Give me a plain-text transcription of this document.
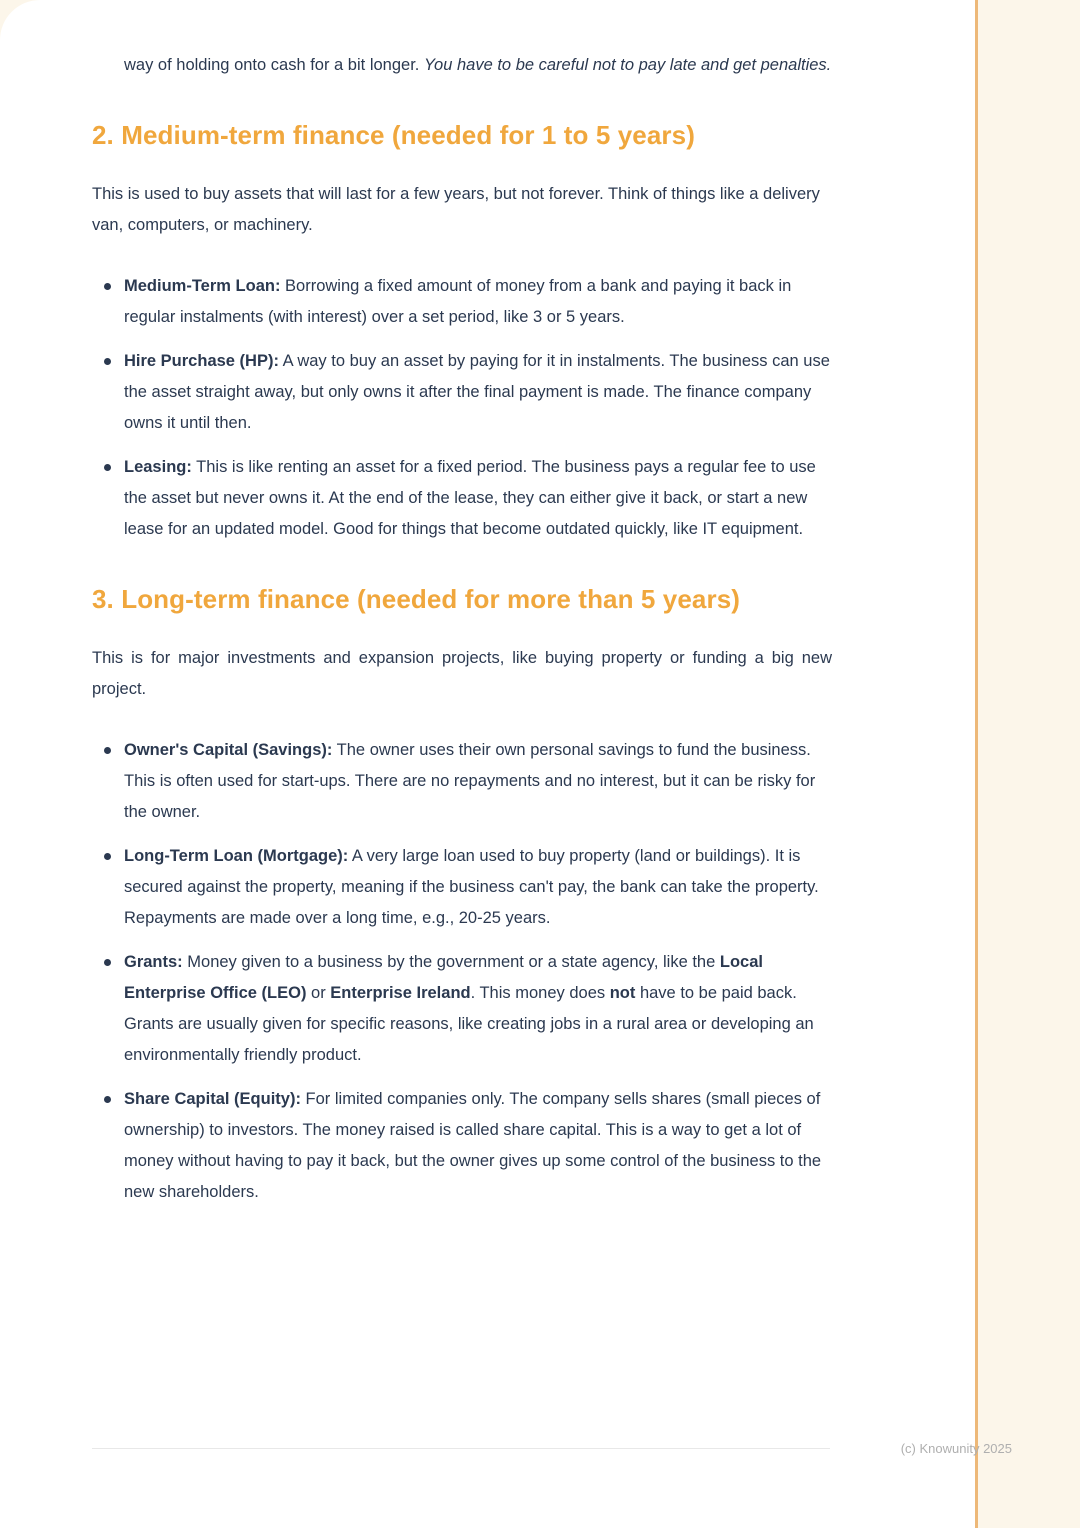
way of holding onto cash for a bit longer. You have to be careful not to pay late and get penalties.

2. Medium-term finance (needed for 1 to 5 years)

This is used to buy assets that will last for a few years, but not forever. Think of things like a delivery van, computers, or machinery.

Medium-Term Loan: Borrowing a fixed amount of money from a bank and paying it back in regular instalments (with interest) over a set period, like 3 or 5 years.
Hire Purchase (HP): A way to buy an asset by paying for it in instalments. The business can use the asset straight away, but only owns it after the final payment is made. The finance company owns it until then.
Leasing: This is like renting an asset for a fixed period. The business pays a regular fee to use the asset but never owns it. At the end of the lease, they can either give it back, or start a new lease for an updated model. Good for things that become outdated quickly, like IT equipment.
3. Long-term finance (needed for more than 5 years)

This is for major investments and expansion projects, like buying property or funding a big new project.

Owner's Capital (Savings): The owner uses their own personal savings to fund the business. This is often used for start-ups. There are no repayments and no interest, but it can be risky for the owner.
Long-Term Loan (Mortgage): A very large loan used to buy property (land or buildings). It is secured against the property, meaning if the business can't pay, the bank can take the property. Repayments are made over a long time, e.g., 20-25 years.
Grants: Money given to a business by the government or a state agency, like the Local Enterprise Office (LEO) or Enterprise Ireland. This money does not have to be paid back. Grants are usually given for specific reasons, like creating jobs in a rural area or developing an environmentally friendly product.
Share Capital (Equity): For limited companies only. The company sells shares (small pieces of ownership) to investors. The money raised is called share capital. This is a way to get a lot of money without having to pay it back, but the owner gives up some control of the business to the new shareholders.
(c) Knowunity 2025
